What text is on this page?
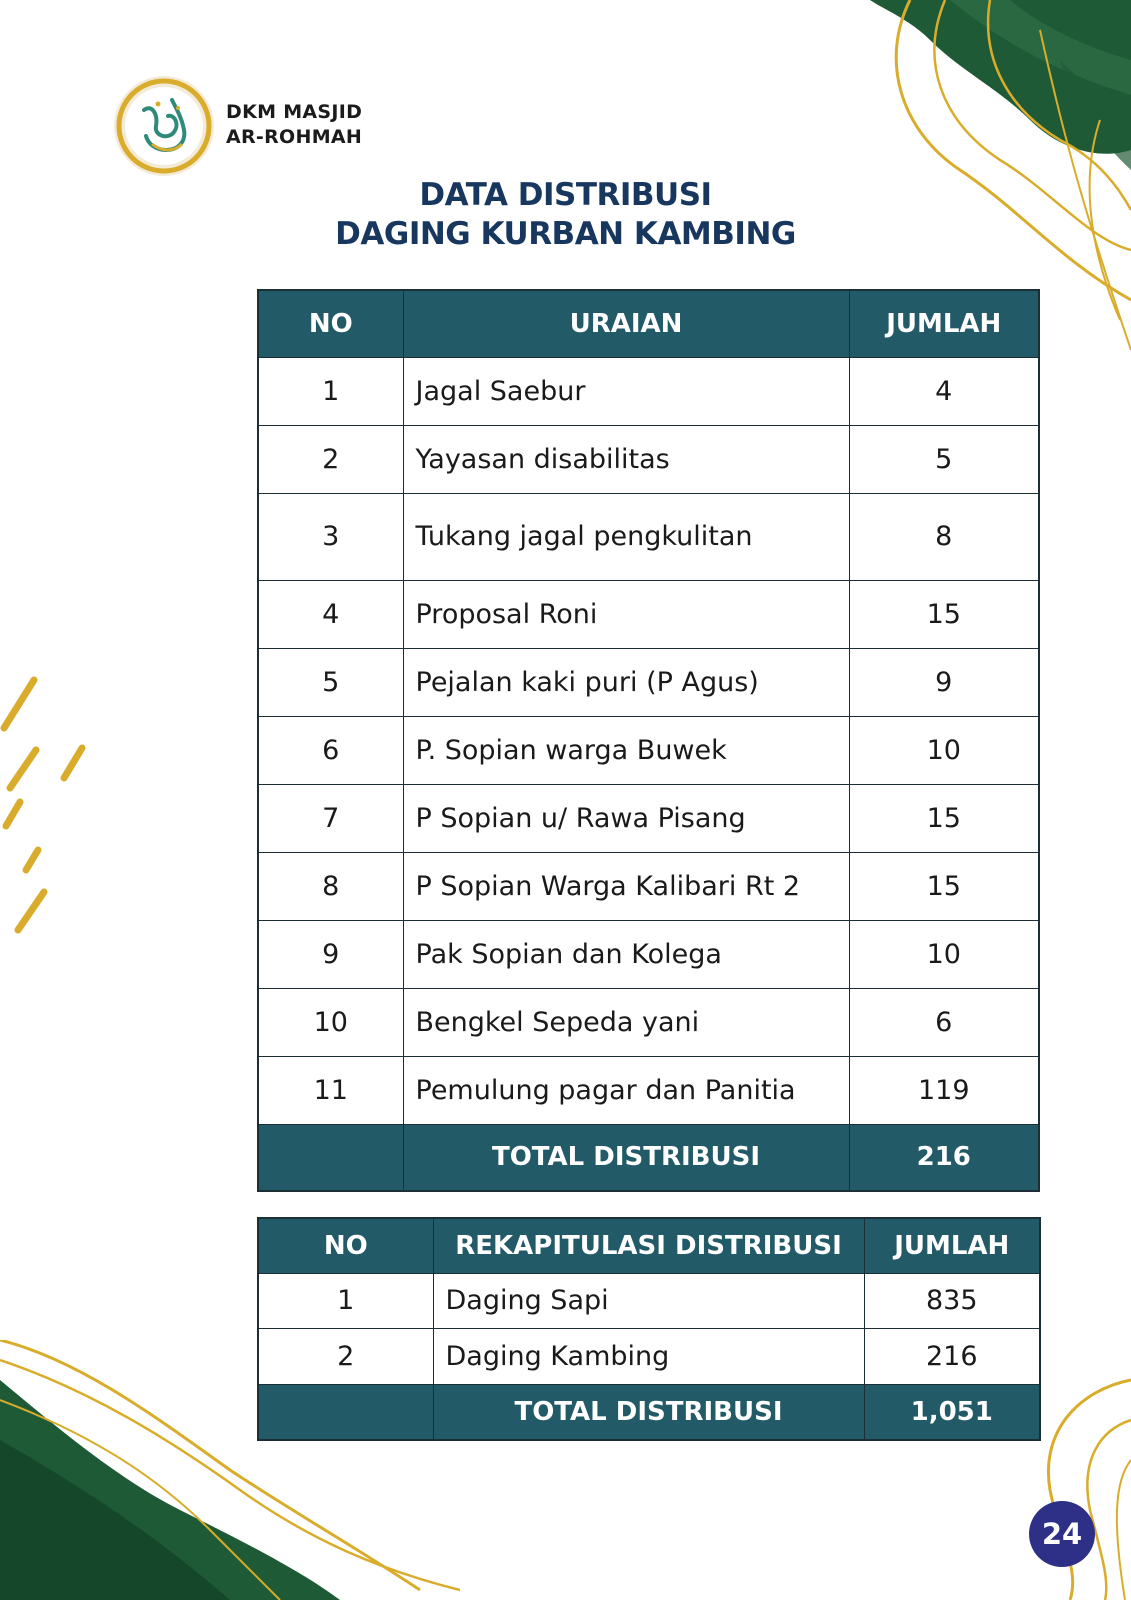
DKM MASJID
AR-ROHMAH
DATA DISTRIBUSI
DAGING KURBAN KAMBING
NO	URAIAN	JUMLAH
1	Jagal Saebur	4
2	Yayasan disabilitas	5
3	Tukang jagal pengkulitan	8
4	Proposal Roni	15
5	Pejalan kaki puri (P Agus)	9
6	P. Sopian warga Buwek	10
7	P Sopian u/ Rawa Pisang	15
8	P Sopian Warga Kalibari Rt 2	15
9	Pak Sopian dan Kolega	10
10	Bengkel Sepeda yani	6
11	Pemulung pagar dan Panitia	119
	TOTAL DISTRIBUSI	216
NO	REKAPITULASI DISTRIBUSI	JUMLAH
1	Daging Sapi	835
2	Daging Kambing	216
	TOTAL DISTRIBUSI	1,051
24
